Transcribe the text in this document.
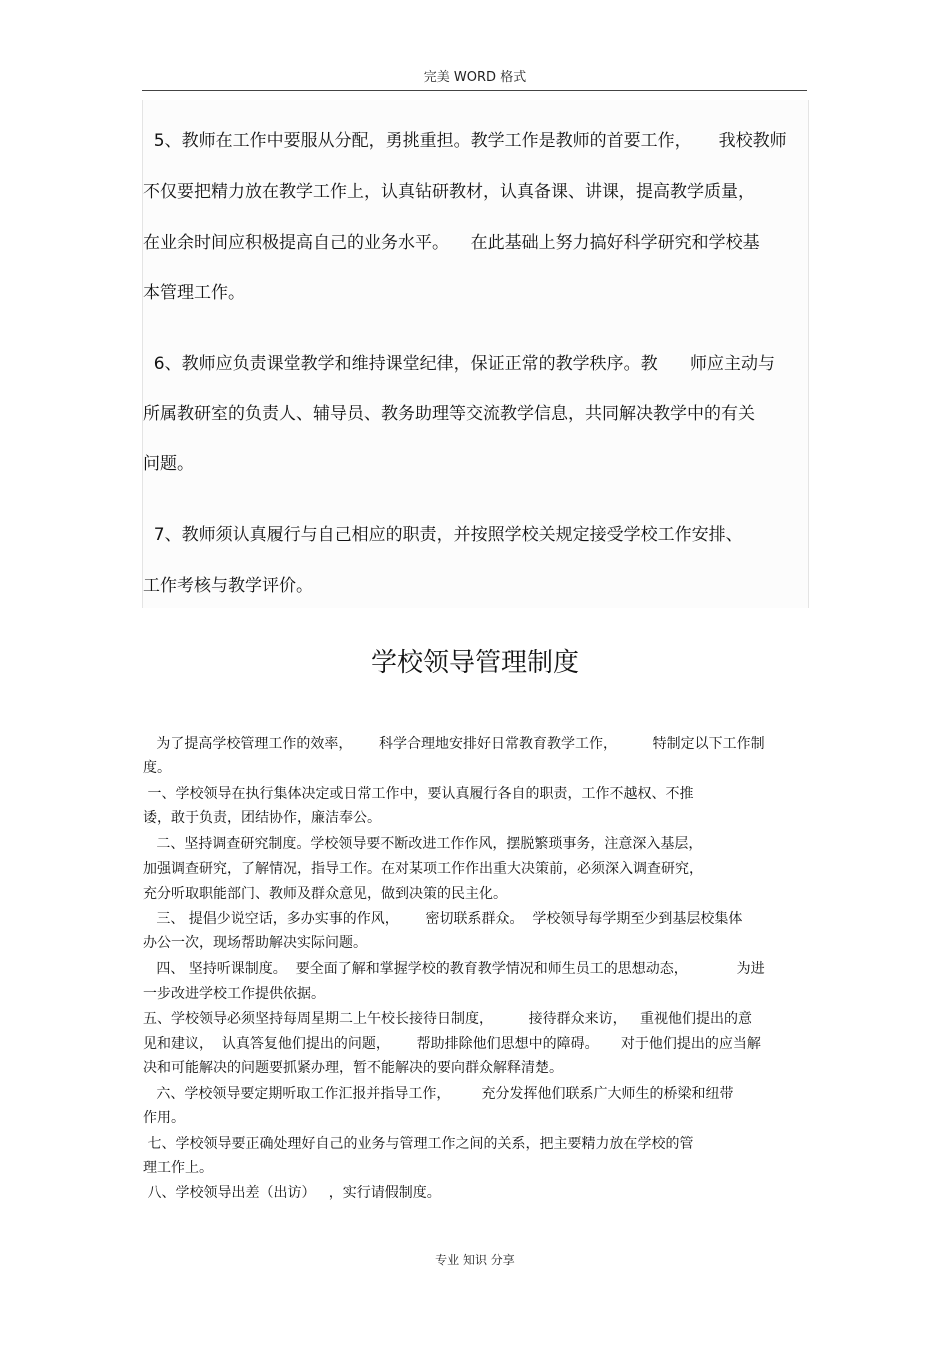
完美 WORD 格式
5、教师在工作中要服从分配，勇挑重担。教学工作是教师的首要工作，     我校教师
不仅要把精力放在教学工作上，认真钻研教材，认真备课、讲课，提高教学质量，
在业余时间应积极提高自己的业务水平。    在此基础上努力搞好科学研究和学校基
本管理工作。
6、教师应负责课堂教学和维持课堂纪律，保证正常的教学秩序。教      师应主动与
所属教研室的负责人、辅导员、教务助理等交流教学信息，共同解决教学中的有关
问题。
7、教师须认真履行与自己相应的职责，并按照学校关规定接受学校工作安排、
工作考核与教学评价。
学校领导管理制度
为了提高学校管理工作的效率，      科学合理地安排好日常教育教学工作，        特制定以下工作制
度。
一、学校领导在执行集体决定或日常工作中，要认真履行各自的职责，工作不越权、不推
诿，敢于负责，团结协作，廉洁奉公。
二、坚持调查研究制度。学校领导要不断改进工作作风，摆脱繁琐事务，注意深入基层，
加强调查研究，了解情况，指导工作。在对某项工作作出重大决策前，必须深入调查研究，
充分听取职能部门、教师及群众意见，做到决策的民主化。
三、 提倡少说空话，多办实事的作风，      密切联系群众。  学校领导每学期至少到基层校集体
办公一次，现场帮助解决实际问题。
四、 坚持听课制度。  要全面了解和掌握学校的教育教学情况和师生员工的思想动态，           为进
一步改进学校工作提供依据。
五、学校领导必须坚持每周星期二上午校长接待日制度，        接待群众来访，   重视他们提出的意
见和建议，  认真答复他们提出的问题，      帮助排除他们思想中的障碍。     对于他们提出的应当解
决和可能解决的问题要抓紧办理，暂不能解决的要向群众解释清楚。
六、学校领导要定期听取工作汇报并指导工作，       充分发挥他们联系广大师生的桥梁和纽带
作用。
七、学校领导要正确处理好自己的业务与管理工作之间的关系，把主要精力放在学校的管
理工作上。
八、学校领导出差（出访）   ，实行请假制度。
专业 知识 分享
